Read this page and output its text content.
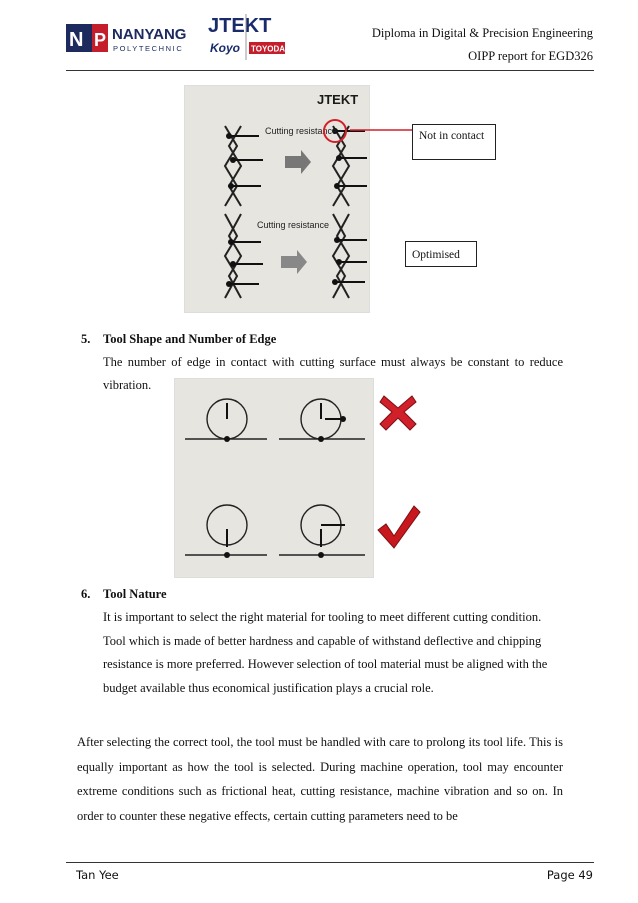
N P NANYANG
POLYTECHNIC
JTEKT
Koyo TOYODA
Diploma in Digital & Precision Engineering
OIPP report for EGD326
JTEKT
Cutting resistance
Cutting resistance
Not in contact
Optimised
5. Tool Shape and Number of Edge
The number of edge in contact with cutting surface must always be constant to reduce vibration.
6. Tool Nature
It is important to select the right material for tooling to meet different cutting condition. Tool which is made of better hardness and capable of withstand deflective and chipping resistance is more preferred. However selection of tool material must be aligned with the budget available thus economical justification plays a crucial role.
After selecting the correct tool, the tool must be handled with care to prolong its tool life. This is equally important as how the tool is selected. During machine operation, tool may encounter extreme conditions such as frictional heat, cutting resistance, machine vibration and so on. In order to counter these negative effects, certain cutting parameters need to be
Tan Yee	Page 49
